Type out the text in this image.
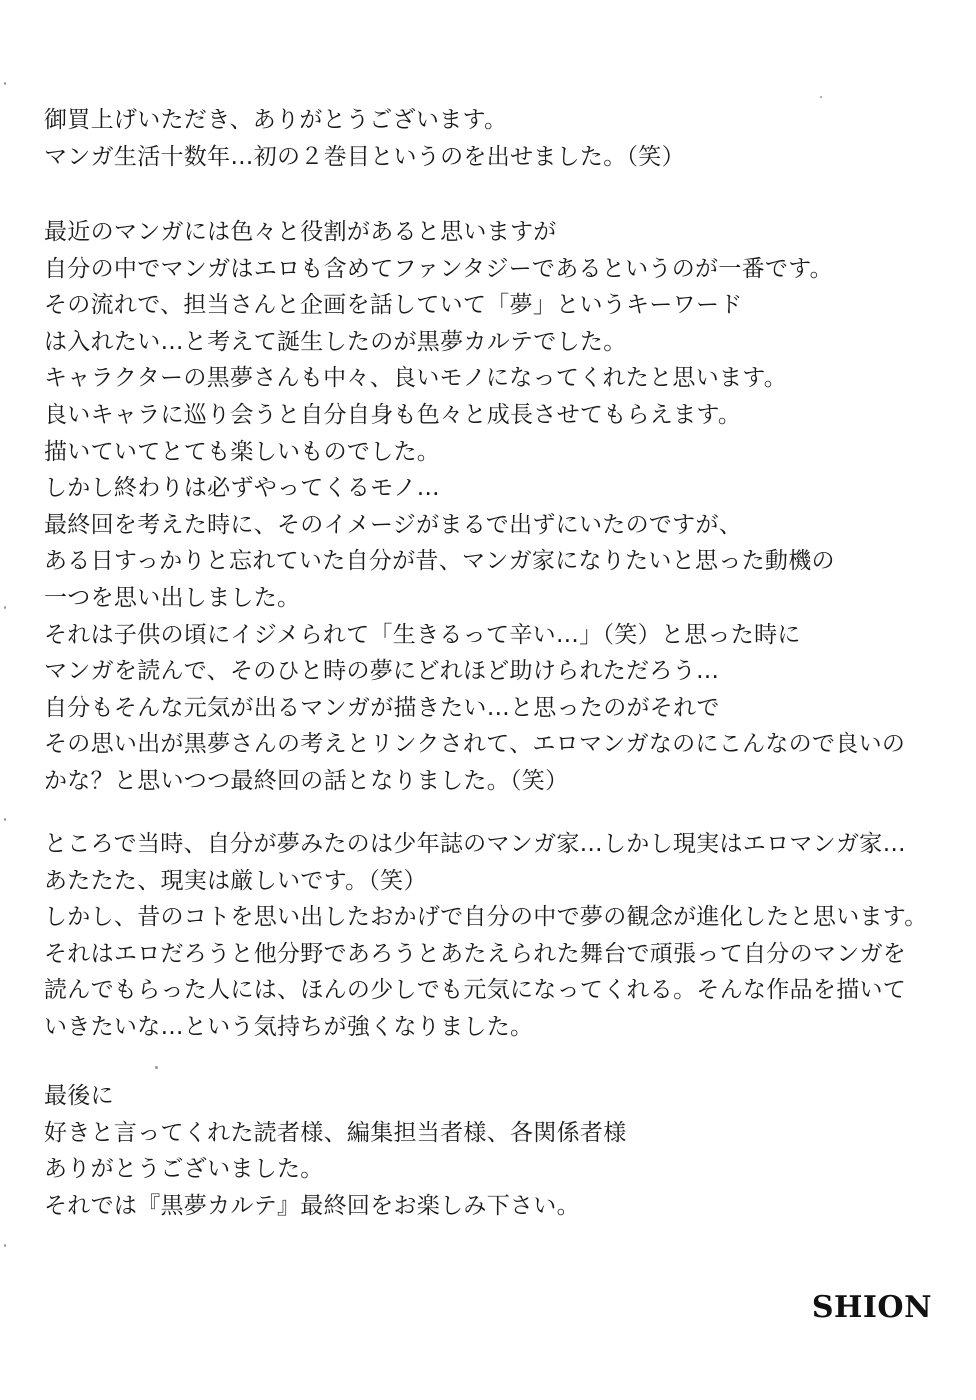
御買上げいただき、ありがとうございます。
マンガ生活十数年…初の２巻目というのを出せました。（笑）
最近のマンガには色々と役割があると思いますが
自分の中でマンガはエロも含めてファンタジーであるというのが一番です。
その流れで、担当さんと企画を話していて「夢」というキーワード
は入れたい…と考えて誕生したのが黒夢カルテでした。
キャラクターの黒夢さんも中々、良いモノになってくれたと思います。
良いキャラに巡り会うと自分自身も色々と成長させてもらえます。
描いていてとても楽しいものでした。
しかし終わりは必ずやってくるモノ…
最終回を考えた時に、そのイメージがまるで出ずにいたのですが、
ある日すっかりと忘れていた自分が昔、マンガ家になりたいと思った動機の
一つを思い出しました。
それは子供の頃にイジメられて「生きるって辛い…」（笑）と思った時に
マンガを読んで、そのひと時の夢にどれほど助けられただろう…
自分もそんな元気が出るマンガが描きたい…と思ったのがそれで
その思い出が黒夢さんの考えとリンクされて、エロマンガなのにこんなので良いの
かな？と思いつつ最終回の話となりました。（笑）
ところで当時、自分が夢みたのは少年誌のマンガ家…しかし現実はエロマンガ家…
あたたた、現実は厳しいです。（笑）
しかし、昔のコトを思い出したおかげで自分の中で夢の観念が進化したと思います。
それはエロだろうと他分野であろうとあたえられた舞台で頑張って自分のマンガを
読んでもらった人には、ほんの少しでも元気になってくれる。そんな作品を描いて
いきたいな…という気持ちが強くなりました。
最後に
好きと言ってくれた読者様、編集担当者様、各関係者様
ありがとうございました。
それでは『黒夢カルテ』最終回をお楽しみ下さい。
SHION
